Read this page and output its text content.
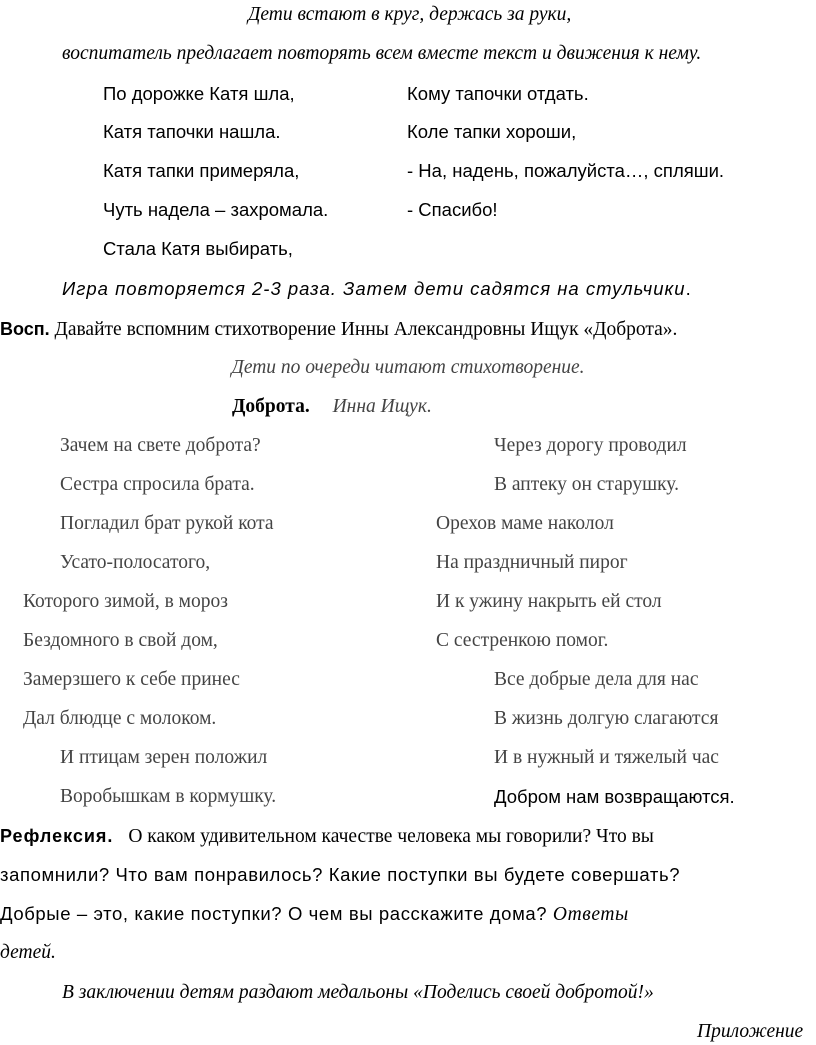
Дети встают в круг, держась за руки,
воспитатель предлагает повторять всем вместе текст и движения к нему.
По дорожке Катя шла,
Катя тапочки нашла.
Катя тапки примеряла,
Чуть надела – захромала.
Стала Катя выбирать,
Кому тапочки отдать.
Коле тапки хороши,
- На, надень, пожалуйста…, спляши.
- Спасибо!
Игра повторяется 2-3 раза. Затем дети садятся на стульчики.
Восп. Давайте вспомним стихотворение Инны Александровны Ищук «Доброта».
Дети по очереди читают стихотворение.
Доброта. Инна Ищук.
Зачем на свете доброта?
Сестра спросила брата.
Погладил брат рукой кота
Усато-полосатого,
Которого зимой, в мороз
Бездомного в свой дом,
Замерзшего к себе принес
Дал блюдце с молоком.
И птицам зерен положил
Воробышкам в кормушку.
Через дорогу проводил
В аптеку он старушку.
Орехов маме наколол
На праздничный пирог
И к ужину накрыть ей стол
С сестренкою помог.
Все добрые дела для нас
В жизнь долгую слагаются
И в нужный и тяжелый час
Добром нам возвращаются.
Рефлексия. О каком удивительном качестве человека мы говорили? Что вы
запомнили? Что вам понравилось? Какие поступки вы будете совершать?
Добрые – это, какие поступки? О чем вы расскажите дома? Ответы
детей.
В заключении детям раздают медальоны «Поделись своей добротой!»
Приложение
